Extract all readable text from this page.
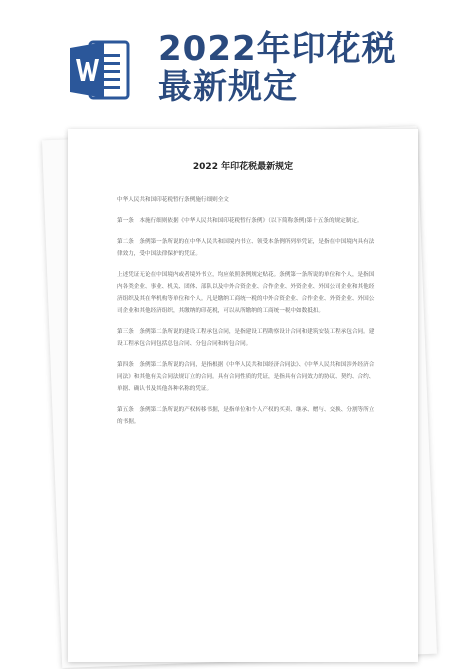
2022年印花税
最新规定
2022 年印花税最新规定

中华人民共和国印花税暂行条例施行细则全文

第一条　本施行细则依据《中华人民共和国印花税暂行条例》（以下简称条例)第十五条的规定制定。

第二条　条例第一条所说的在中华人民共和国境内书立、领受本条例所列举凭证，是指在中国境内具有法律效力，受中国法律保护的凭证。

上述凭证无论在中国境内或者境外书立，均应依照条例规定贴花。条例第一条所说的单位和个人，是指国内各类企业、事业、机关、团体、部队以及中外合资企业、合作企业、外资企业、外国公司企业和其他经济组织及其在华机构等单位和个人。凡是缴纳工商统一税的中外合资企业、合作企业、外资企业、外国公司企业和其他经济组织，其缴纳的印花税，可以从所缴纳的工商统一税中如数抵扣。

第三条　条例第二条所说的建设工程承包合同，是指建设工程勘察设计合同和建筑安装工程承包合同。建设工程承包合同包括总包合同、分包合同和转包合同。

第四条　条例第二条所说的合同，是指根据《中华人民共和国经济合同法》、《中华人民共和国涉外经济合同法》和其他有关合同法规订立的合同。具有合同性质的凭证，是指具有合同效力的协议、契约、合约、单据、确认书及其他各种名称的凭证。

第五条　条例第二条所说的产权转移书据，是指单位和个人产权的买卖、继承、赠与、交换、分割等所立的书据。
